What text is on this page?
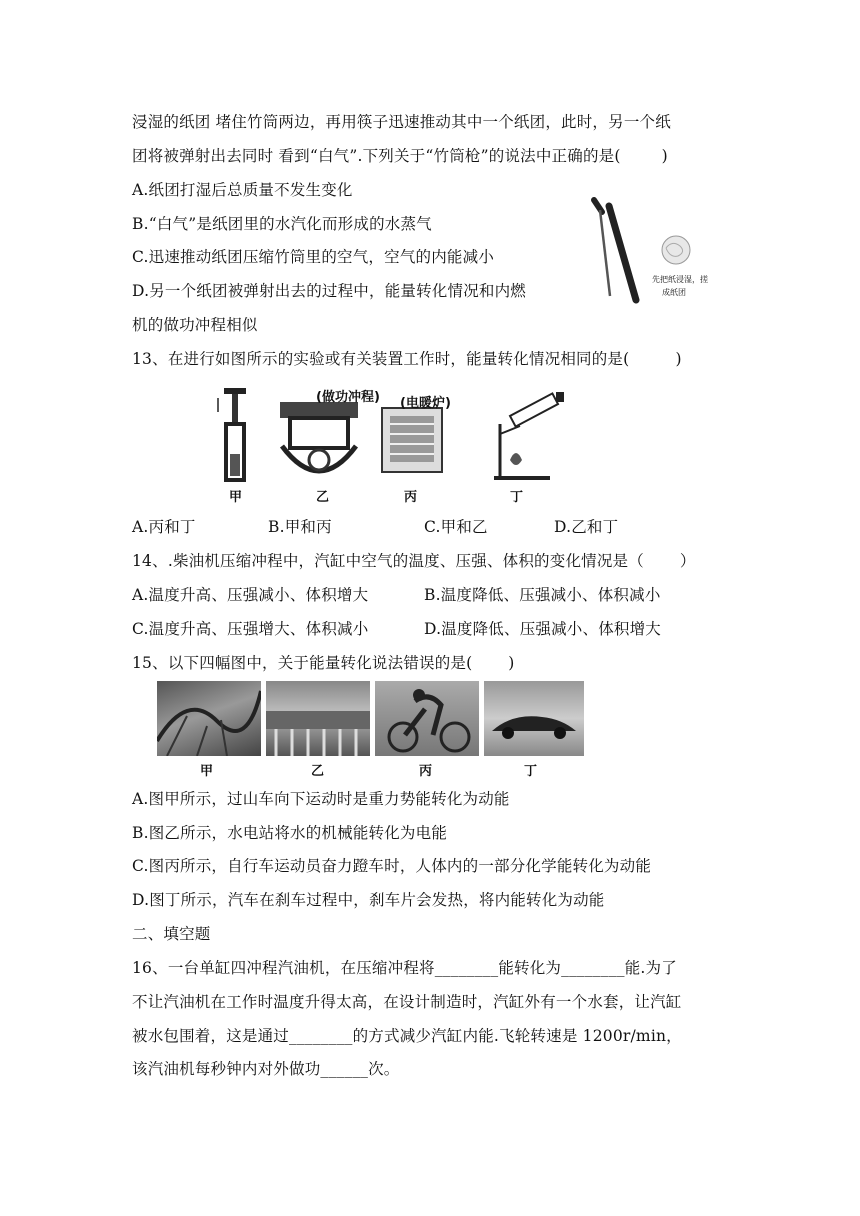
浸湿的纸团 堵住竹筒两边，再用筷子迅速推动其中一个纸团，此时，另一个纸
团将被弹射出去同时 看到“白气”.下列关于“竹筒枪”的说法中正确的是(        )
A.纸团打湿后总质量不发生变化
B.“白气”是纸团里的水汽化而形成的水蒸气
C.迅速推动纸团压缩竹筒里的空气，空气的内能减小
D.另一个纸团被弹射出去的过程中，能量转化情况和内燃
机的做功冲程相似
先把纸浸湿，搓
成纸团
13、在进行如图所示的实验或有关装置工作时，能量转化情况相同的是(         )
(做功冲程) (电暖炉)
甲	乙	丙	丁
A.丙和丁	B.甲和丙	C.甲和乙	D.乙和丁
14、.柴油机压缩冲程中，汽缸中空气的温度、压强、体积的变化情况是（       ）
A.温度升高、压强减小、体积增大	B.温度降低、压强减小、体积减小
C.温度升高、压强增大、体积减小	D.温度降低、压强减小、体积增大
15、以下四幅图中，关于能量转化说法错误的是(       )
甲	乙	丙	丁
A.图甲所示，过山车向下运动时是重力势能转化为动能
B.图乙所示，水电站将水的机械能转化为电能
C.图丙所示，自行车运动员奋力蹬车时，人体内的一部分化学能转化为动能
D.图丁所示，汽车在刹车过程中，刹车片会发热，将内能转化为动能
二、填空题
16、一台单缸四冲程汽油机，在压缩冲程将________能转化为________能.为了
不让汽油机在工作时温度升得太高，在设计制造时，汽缸外有一个水套，让汽缸
被水包围着，这是通过________的方式减少汽缸内能.飞轮转速是 1200r/min，
该汽油机每秒钟内对外做功______次。
